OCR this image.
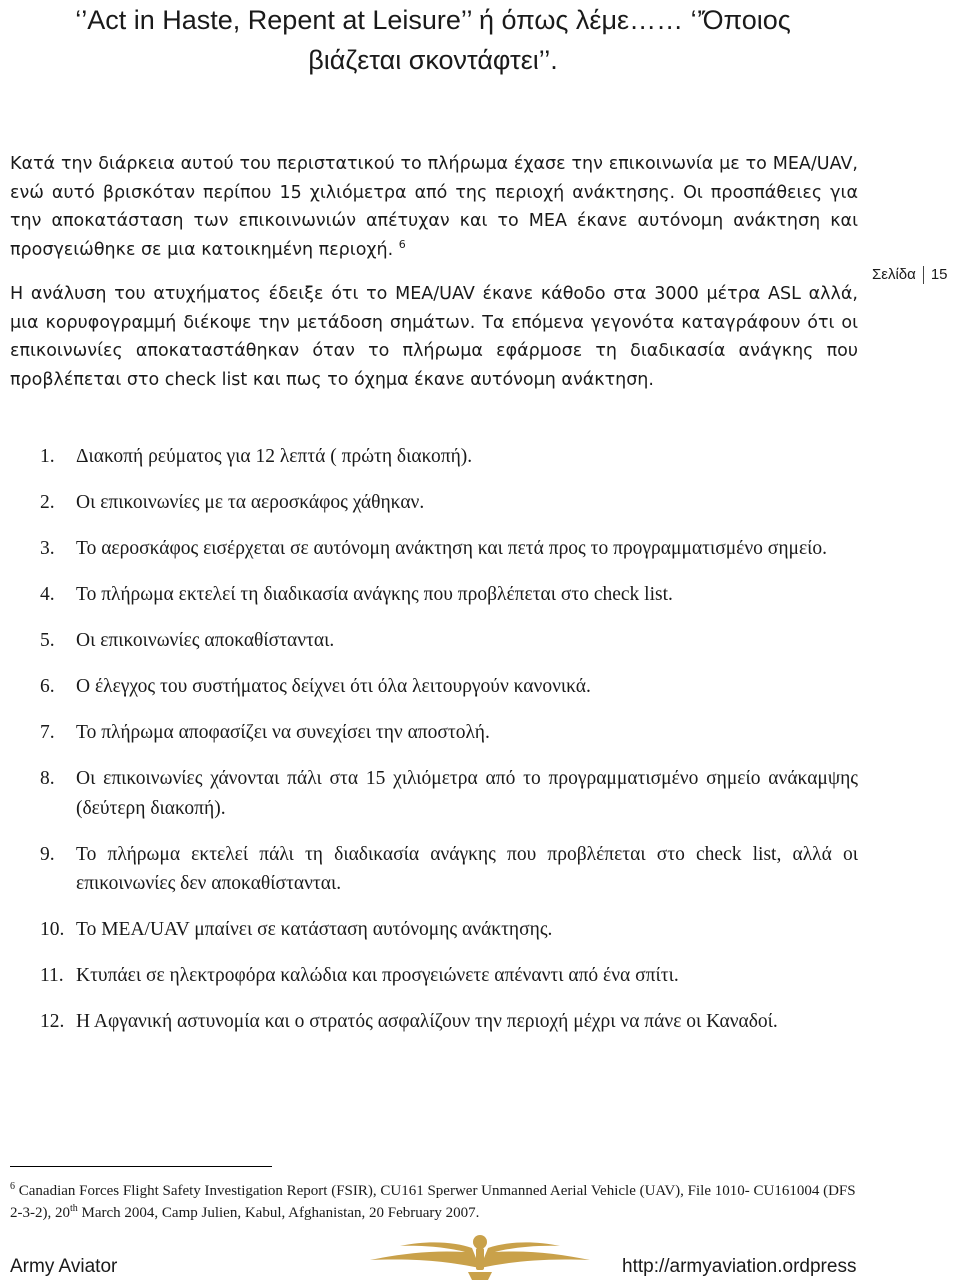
‘’Act in Haste, Repent at Leisure’’ ή όπως λέμε…… ‘’Όποιος
βιάζεται σκοντάφτει’’.
Κατά την διάρκεια αυτού του περιστατικού το πλήρωμα έχασε την επικοινωνία με το ΜΕΑ/UAV, ενώ αυτό βρισκόταν περίπου 15 χιλιόμετρα από της περιοχή ανάκτησης. Οι προσπάθειες για την αποκατάσταση των επικοινωνιών απέτυχαν και το ΜΕΑ έκανε αυτόνομη ανάκτηση και προσγειώθηκε σε μια κατοικημένη περιοχή. $^6$
Σελίδα 15
Η ανάλυση του ατυχήματος έδειξε ότι το ΜΕΑ/UAV έκανε κάθοδο στα 3000 μέτρα ASL αλλά, μια κορυφογραμμή διέκοψε την μετάδοση σημάτων. Τα επόμενα γεγονότα καταγράφουν ότι οι επικοινωνίες αποκαταστάθηκαν όταν το πλήρωμα εφάρμοσε τη διαδικασία ανάγκης που προβλέπεται στο check list και πως το όχημα έκανε αυτόνομη ανάκτηση.
1.	Διακοπή ρεύματος για 12 λεπτά ( πρώτη διακοπή).
2.	Οι επικοινωνίες με τα αεροσκάφος χάθηκαν.
3.	Το αεροσκάφος εισέρχεται σε αυτόνομη ανάκτηση και πετά προς το προγραμματισμένο σημείο.
4.	Το πλήρωμα εκτελεί τη διαδικασία ανάγκης που προβλέπεται στο check list.
5.	Οι επικοινωνίες αποκαθίστανται.
6.	Ο έλεγχος του συστήματος δείχνει ότι όλα λειτουργούν κανονικά.
7.	Το πλήρωμα αποφασίζει να συνεχίσει την αποστολή.
8.	Οι επικοινωνίες χάνονται πάλι στα 15 χιλιόμετρα από το προγραμματισμένο σημείο ανάκαμψης (δεύτερη διακοπή).
9.	Το πλήρωμα εκτελεί πάλι τη διαδικασία ανάγκης που προβλέπεται στο check list, αλλά οι επικοινωνίες δεν αποκαθίστανται.
10. Το ΜΕΑ/UAV μπαίνει σε κατάσταση αυτόνομης ανάκτησης.
11. Κτυπάει σε ηλεκτροφόρα καλώδια και προσγειώνετε απέναντι από ένα σπίτι.
12. Η Αφγανική αστυνομία και ο στρατός ασφαλίζουν την περιοχή μέχρι να πάνε οι Καναδοί.
$^6$ Canadian Forces Flight Safety Investigation Report (FSIR), CU161 Sperwer Unmanned Aerial Vehicle (UAV), File 1010- CU161004 (DFS 2-3-2), 20th March 2004, Camp Julien, Kabul, Afghanistan, 20 February 2007.
Army Aviator	http://armyaviation.ordpress
